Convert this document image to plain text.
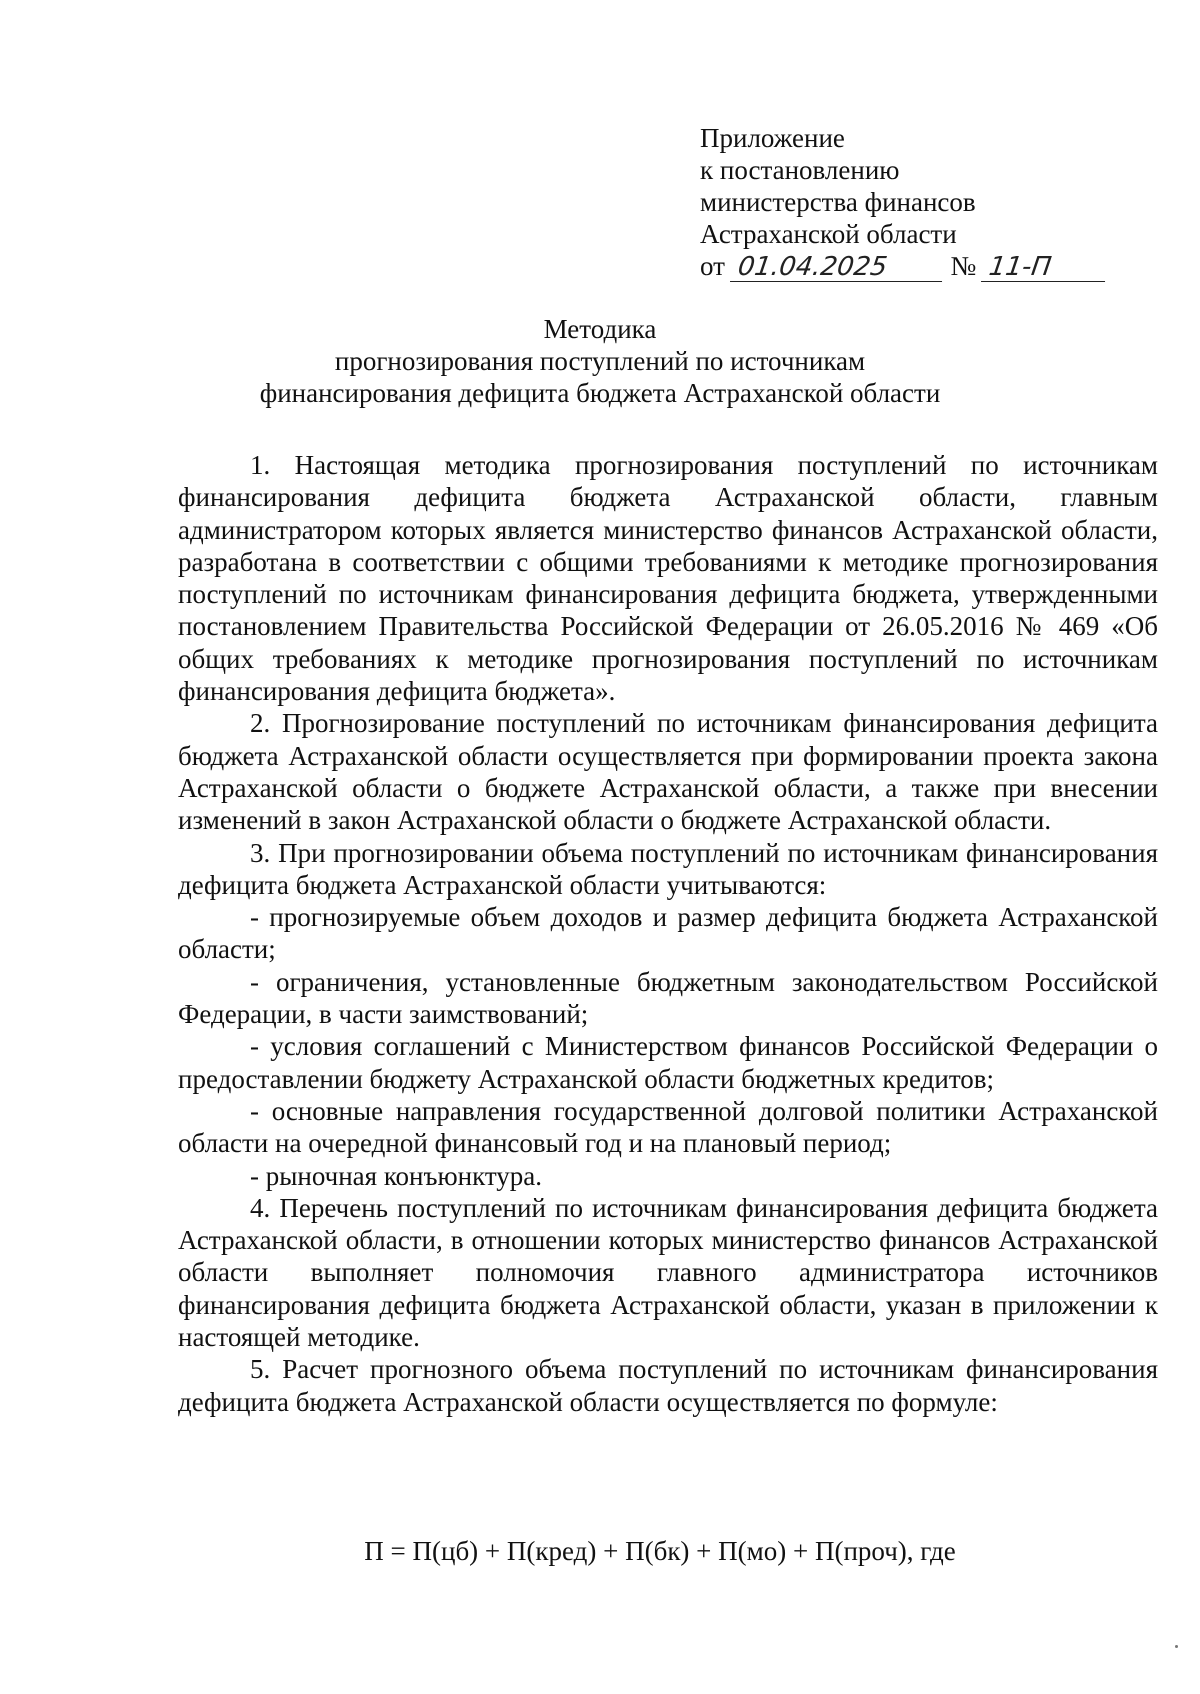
Приложение
к постановлению
министерства финансов
Астраханской области
от 01.04.2025 № 11-П
Методика
прогнозирования поступлений по источникам
финансирования дефицита бюджета Астраханской области

1. Настоящая методика прогнозирования поступлений по источникам финансирования дефицита бюджета Астраханской области, главным администратором которых является министерство финансов Астраханской области, разработана в соответствии с общими требованиями к методике прогнозирования поступлений по источникам финансирования дефицита бюджета, утвержденными постановлением Правительства Российской Федерации от 26.05.2016 № 469 «Об общих требованиях к методике прогнозирования поступлений по источникам финансирования дефицита бюджета».

2. Прогнозирование поступлений по источникам финансирования дефицита бюджета Астраханской области осуществляется при формировании проекта закона Астраханской области о бюджете Астраханской области, а также при внесении изменений в закон Астраханской области о бюджете Астраханской области.

3. При прогнозировании объема поступлений по источникам финансирования дефицита бюджета Астраханской области учитываются:

- прогнозируемые объем доходов и размер дефицита бюджета Астраханской области;

- ограничения, установленные бюджетным законодательством Российской Федерации, в части заимствований;

- условия соглашений с Министерством финансов Российской Федерации о предоставлении бюджету Астраханской области бюджетных кредитов;

- основные направления государственной долговой политики Астраханской области на очередной финансовый год и на плановый период;

- рыночная конъюнктура.

4. Перечень поступлений по источникам финансирования дефицита бюджета Астраханской области, в отношении которых министерство финансов Астраханской области выполняет полномочия главного администратора источников финансирования дефицита бюджета Астраханской области, указан в приложении к настоящей методике.

5. Расчет прогнозного объема поступлений по источникам финансирования дефицита бюджета Астраханской области осуществляется по формуле:

П = П(цб) + П(кред) + П(бк) + П(мо) + П(проч), где
